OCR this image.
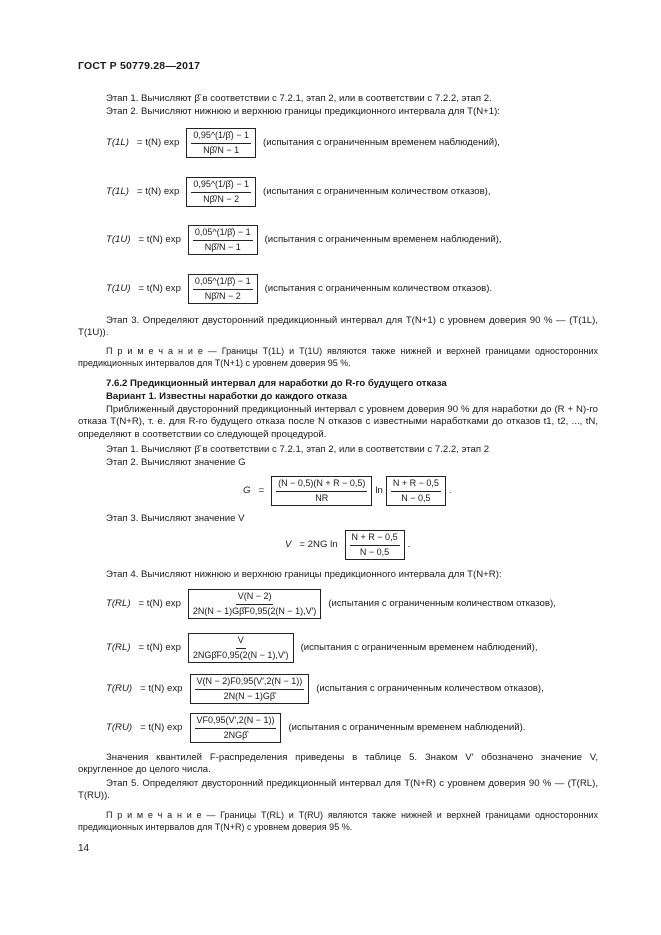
ГОСТ Р 50779.28—2017
Этап 1. Вычисляют β̂ в соответствии с 7.2.1, этап 2, или в соответствии с 7.2.2, этап 2.
Этап 2. Вычисляют нижнюю и верхнюю границы предикционного интервала для T(N+1):
T(1L) = t(N) $\exp \frac{0,95\^{}(1/\betâ) - 1}{N\betâ/N - 1}$ (испытания с ограниченным временем наблюдений),
T(1L) = t(N) $\exp \frac{0,95\^{}(1/\betâ) - 1}{N\betâ/N - 2}$ (испытания с ограниченным количеством отказов),
T(1U) = t(N) $\exp \frac{0,05\^{}(1/\betâ) - 1}{N\betâ/N - 1}$ (испытания с ограниченным временем наблюдений),
T(1U) = t(N) $\exp \frac{0,05\^{}(1/\betâ) - 1}{N\betâ/N - 2}$ (испытания с ограниченным количеством отказов).
Этап 3. Определяют двусторонний предикционный интервал для T(N+1) с уровнем доверия 90 % — (T(1L), T(1U)).
П р и м е ч а н и е — Границы T(1L) и T(1U) являются также нижней и верхней границами односторонних предикционных интервалов для T(N+1) с уровнем доверия 95 %.
7.6.2 Предикционный интервал для наработки до R-го будущего отказа
Вариант 1. Известны наработки до каждого отказа
Приближенный двусторонний предикционный интервал с уровнем доверия 90 % для наработки до (R + N)-го отказа T(N+R), т. е. для R-го будущего отказа после N отказов с известными наработками до отказов t1, t2, ..., tN, определяют в соответствии со следующей процедурой.
Этап 1. Вычисляют β̂ в соответствии с 7.2.1, этап 2, или в соответствии с 7.2.2, этап 2
Этап 2. Вычисляют значение G
$G = \frac{(N - 0,5)(N + R - 0,5)}{NR}$ $\ln \frac{N + R - 0,5}{N - 0,5}$ .
Этап 3. Вычисляют значение V
V = 2NG $\ln \frac{N + R - 0,5}{N - 0,5}$ .
Этап 4. Вычисляют нижнюю и верхнюю границы предикционного интервала для T(N+R):
T(RL) = t(N) $\exp \frac{V(N - 2)}{2N(N - 1)G\betâF0,95(2(N - 1),V')}$ (испытания с ограниченным количеством отказов),
T(RL) = t(N) exp
V
2NGβ̂F0,95(2(N − 1),V′)
(испытания с ограниченным временем наблюдений),
T(RU) = t(N) $\exp \frac{V(N - 2)F0,95(V',2(N - 1))}{2N(N - 1)G\betâ}$ (испытания с ограниченным количеством отказов),
T(RU) = t(N) exp
VF0,95(V′,2(N − 1))
2NGβ̂
(испытания с ограниченным временем наблюдений).
Значения квантилей F-распределения приведены в таблице 5. Знаком V′ обозначено значение V, округленное до целого числа.
Этап 5. Определяют двусторонний предикционный интервал для T(N+R) с уровнем доверия 90 % — (T(RL), T(RU)).
П р и м е ч а н и е — Границы T(RL) и T(RU) являются также нижней и верхней границами односторонних предикционных интервалов для T(N+R) с уровнем доверия 95 %.
14
